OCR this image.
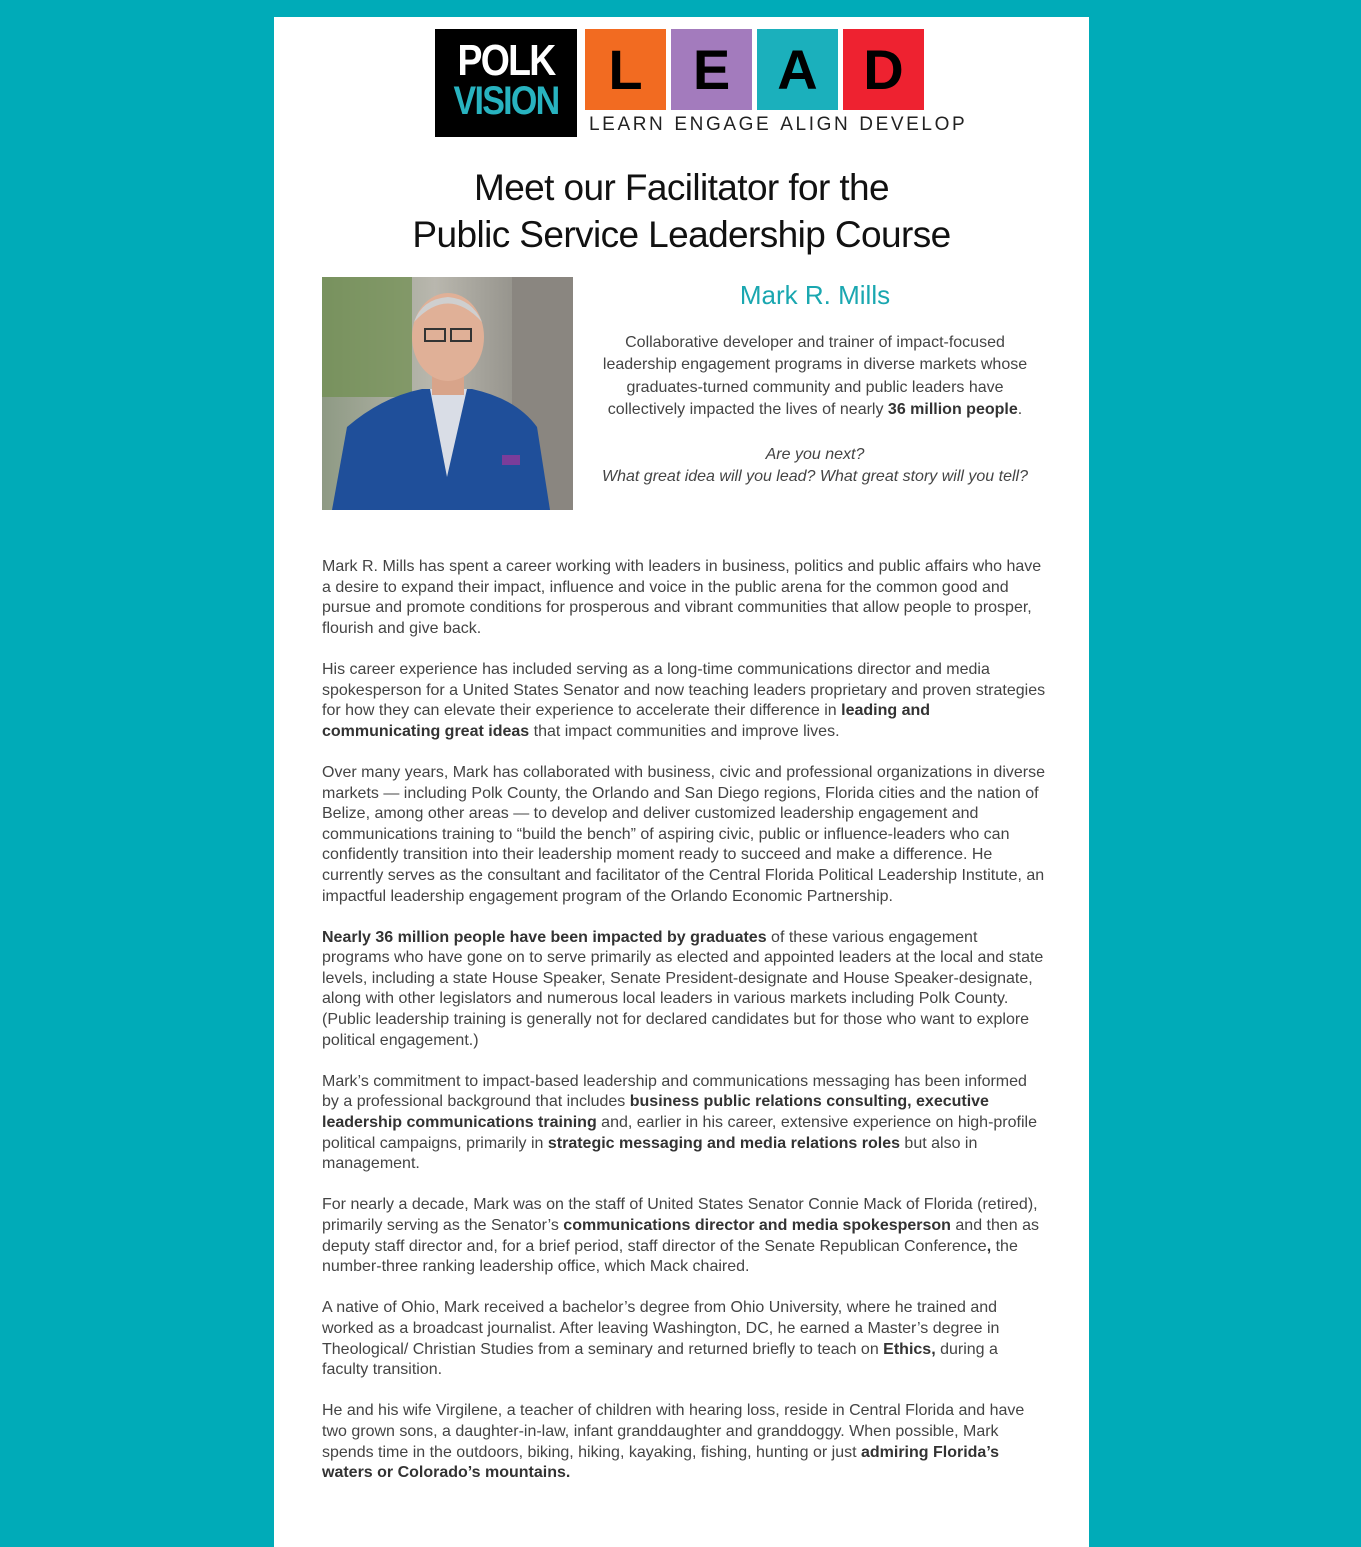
POLK
VISION L E A D
LEARN ENGAGE ALIGN DEVELOP
Meet our Facilitator for the
Public Service Leadership Course
Mark R. Mills

Collaborative developer and trainer of impact-focused leadership engagement programs in diverse markets whose graduates-turned community and public leaders have collectively impacted the lives of nearly 36 million people.

Are you next?
What great idea will you lead? What great story will you tell?

Mark R. Mills has spent a career working with leaders in business, politics and public affairs who have a desire to expand their impact, influence and voice in the public arena for the common good and pursue and promote conditions for prosperous and vibrant communities that allow people to prosper, flourish and give back.

His career experience has included serving as a long-time communications director and media spokesperson for a United States Senator and now teaching leaders proprietary and proven strategies for how they can elevate their experience to accelerate their difference in leading and communicating great ideas that impact communities and improve lives.

Over many years, Mark has collaborated with business, civic and professional organizations in diverse markets — including Polk County, the Orlando and San Diego regions, Florida cities and the nation of Belize, among other areas — to develop and deliver customized leadership engagement and communications training to “build the bench” of aspiring civic, public or influence-leaders who can confidently transition into their leadership moment ready to succeed and make a difference. He currently serves as the consultant and facilitator of the Central Florida Political Leadership Institute, an impactful leadership engagement program of the Orlando Economic Partnership.

Nearly 36 million people have been impacted by graduates of these various engagement programs who have gone on to serve primarily as elected and appointed leaders at the local and state levels, including a state House Speaker, Senate President-designate and House Speaker-designate, along with other legislators and numerous local leaders in various markets including Polk County. (Public leadership training is generally not for declared candidates but for those who want to explore political engagement.)

Mark’s commitment to impact-based leadership and communications messaging has been informed by a professional background that includes business public relations consulting, executive leadership communications training and, earlier in his career, extensive experience on high-profile political campaigns, primarily in strategic messaging and media relations roles but also in management.

For nearly a decade, Mark was on the staff of United States Senator Connie Mack of Florida (retired), primarily serving as the Senator’s communications director and media spokesperson and then as deputy staff director and, for a brief period, staff director of the Senate Republican Conference, the number-three ranking leadership office, which Mack chaired.

A native of Ohio, Mark received a bachelor’s degree from Ohio University, where he trained and worked as a broadcast journalist. After leaving Washington, DC, he earned a Master’s degree in Theological/ Christian Studies from a seminary and returned briefly to teach on Ethics, during a faculty transition.

He and his wife Virgilene, a teacher of children with hearing loss, reside in Central Florida and have two grown sons, a daughter-in-law, infant granddaughter and granddoggy. When possible, Mark spends time in the outdoors, biking, hiking, kayaking, fishing, hunting or just admiring Florida’s waters or Colorado’s mountains.
